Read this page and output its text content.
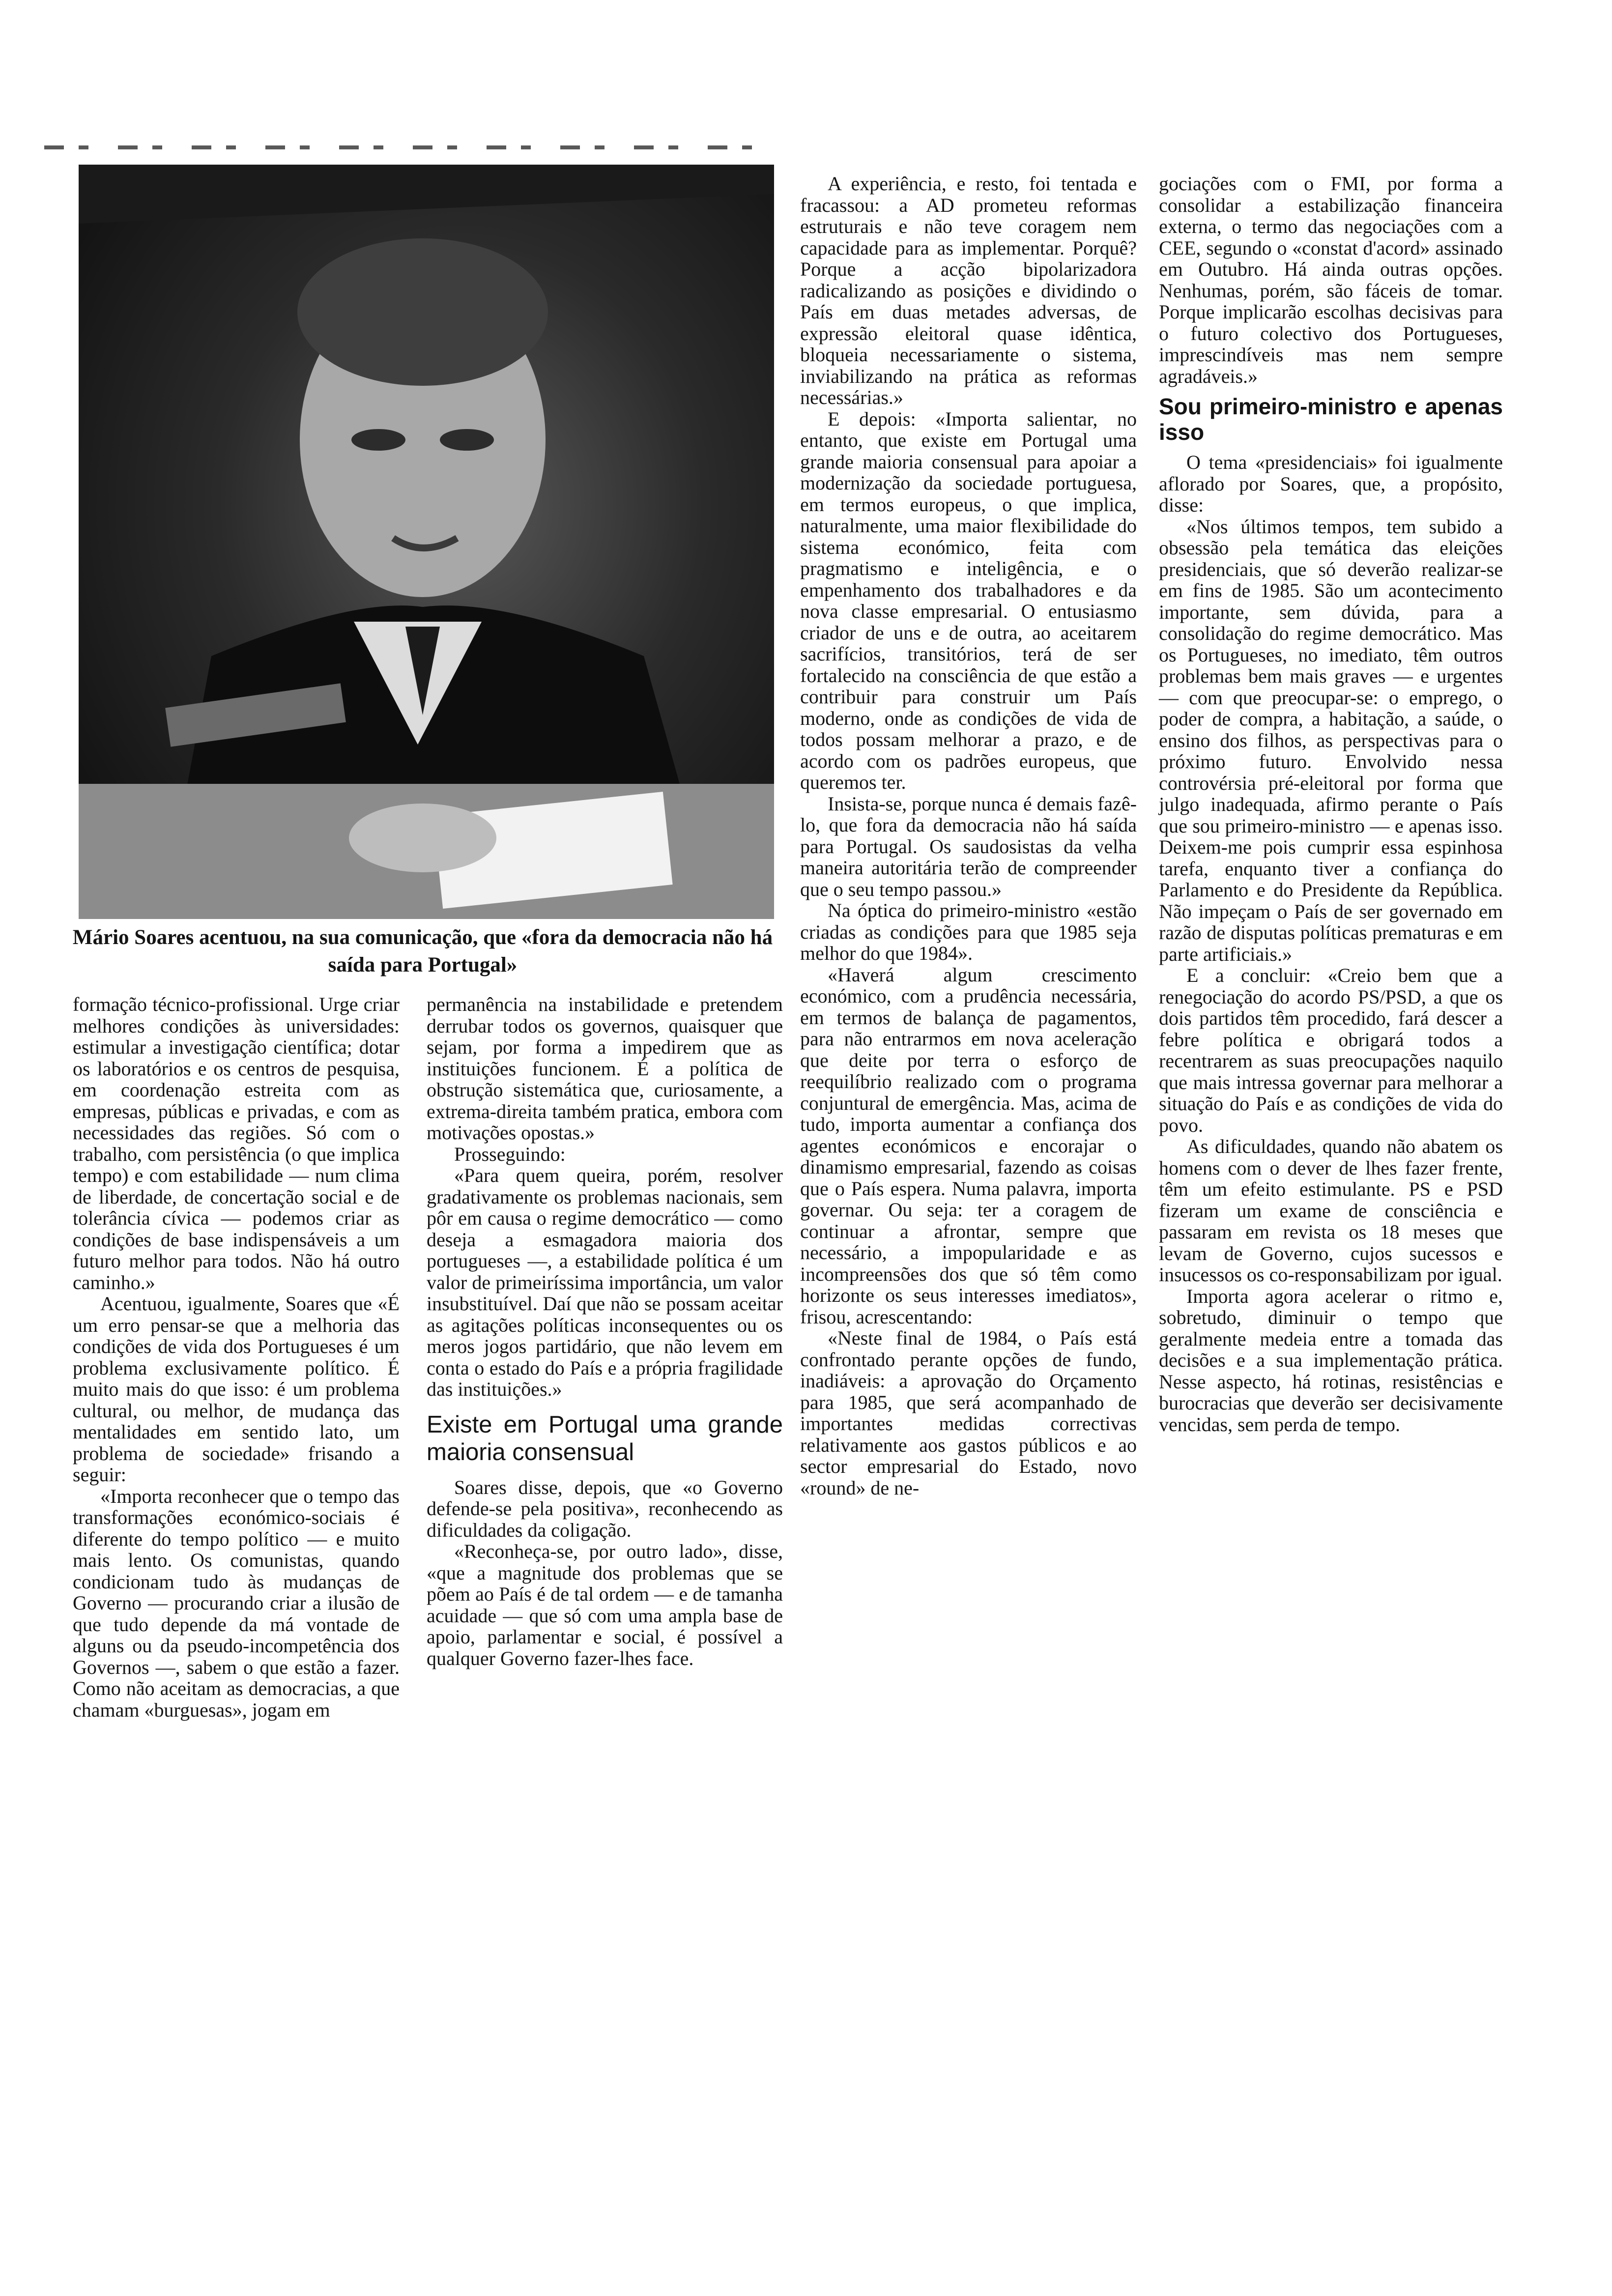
Mário Soares acentuou, na sua comunicação, que «fora da democracia não há saída para Portugal»

formação técnico-profissional. Urge criar melhores condições às universidades: estimular a investigação científica; dotar os laboratórios e os centros de pesquisa, em coordenação estreita com as empresas, públicas e privadas, e com as necessidades das regiões. Só com o trabalho, com persistência (o que implica tempo) e com estabilidade — num clima de liberdade, de concertação social e de tolerância cívica — podemos criar as condições de base indispensáveis a um futuro melhor para todos. Não há outro caminho.»

Acentuou, igualmente, Soares que «É um erro pensar-se que a melhoria das condições de vida dos Portugueses é um problema exclusivamente político. É muito mais do que isso: é um problema cultural, ou melhor, de mudança das mentalidades em sentido lato, um problema de sociedade» frisando a seguir:

«Importa reconhecer que o tempo das transformações económico-sociais é diferente do tempo político — e muito mais lento. Os comunistas, quando condicionam tudo às mudanças de Governo — procurando criar a ilusão de que tudo depende da má vontade de alguns ou da pseudo-incompetência dos Governos —, sabem o que estão a fazer. Como não aceitam as democracias, a que chamam «burguesas», jogam em

permanência na instabilidade e pretendem derrubar todos os governos, quaisquer que sejam, por forma a impedirem que as instituições funcionem. É a política de obstrução sistemática que, curiosamente, a extrema-direita também pratica, embora com motivações opostas.»

Prosseguindo:

«Para quem queira, porém, resolver gradativamente os problemas nacionais, sem pôr em causa o regime democrático — como deseja a esmagadora maioria dos portugueses —, a estabilidade política é um valor de primeiríssima importância, um valor insubstituível. Daí que não se possam aceitar as agitações políticas inconsequentes ou os meros jogos partidário, que não levem em conta o estado do País e a própria fragilidade das instituições.»

Existe em Portugal uma grande maioria consensual

Soares disse, depois, que «o Governo defende-se pela positiva», reconhecendo as dificuldades da coligação.

«Reconheça-se, por outro lado», disse, «que a magnitude dos problemas que se põem ao País é de tal ordem — e de tamanha acuidade — que só com uma ampla base de apoio, parlamentar e social, é possível a qualquer Governo fazer-lhes face.

A experiência, e resto, foi tentada e fracassou: a AD prometeu reformas estruturais e não teve coragem nem capacidade para as implementar. Porquê? Porque a acção bipolarizadora radicalizando as posições e dividindo o País em duas metades adversas, de expressão eleitoral quase idêntica, bloqueia necessariamente o sistema, inviabilizando na prática as reformas necessárias.»

E depois: «Importa salientar, no entanto, que existe em Portugal uma grande maioria consensual para apoiar a modernização da sociedade portuguesa, em termos europeus, o que implica, naturalmente, uma maior flexibilidade do sistema económico, feita com pragmatismo e inteligência, e o empenhamento dos trabalhadores e da nova classe empresarial. O entusiasmo criador de uns e de outra, ao aceitarem sacrifícios, transitórios, terá de ser fortalecido na consciência de que estão a contribuir para construir um País moderno, onde as condições de vida de todos possam melhorar a prazo, e de acordo com os padrões europeus, que queremos ter.

Insista-se, porque nunca é demais fazê-lo, que fora da democracia não há saída para Portugal. Os saudosistas da velha maneira autoritária terão de compreender que o seu tempo passou.»

Na óptica do primeiro-ministro «estão criadas as condições para que 1985 seja melhor do que 1984».

«Haverá algum crescimento económico, com a prudência necessária, em termos de balança de pagamentos, para não entrarmos em nova aceleração que deite por terra o esforço de reequilíbrio realizado com o programa conjuntural de emergência. Mas, acima de tudo, importa aumentar a confiança dos agentes económicos e encorajar o dinamismo empresarial, fazendo as coisas que o País espera. Numa palavra, importa governar. Ou seja: ter a coragem de continuar a afrontar, sempre que necessário, a impopularidade e as incompreensões dos que só têm como horizonte os seus interesses imediatos», frisou, acrescentando:

«Neste final de 1984, o País está confrontado perante opções de fundo, inadiáveis: a aprovação do Orçamento para 1985, que será acompanhado de importantes medidas correctivas relativamente aos gastos públicos e ao sector empresarial do Estado, novo «round» de ne-

gociações com o FMI, por forma a consolidar a estabilização financeira externa, o termo das negociações com a CEE, segundo o «constat d'acord» assinado em Outubro. Há ainda outras opções. Nenhumas, porém, são fáceis de tomar. Porque implicarão escolhas decisivas para o futuro colectivo dos Portugueses, imprescindíveis mas nem sempre agradáveis.»

Sou primeiro-ministro e apenas isso

O tema «presidenciais» foi igualmente aflorado por Soares, que, a propósito, disse:

«Nos últimos tempos, tem subido a obsessão pela temática das eleições presidenciais, que só deverão realizar-se em fins de 1985. São um acontecimento importante, sem dúvida, para a consolidação do regime democrático. Mas os Portugueses, no imediato, têm outros problemas bem mais graves — e urgentes — com que preocupar-se: o emprego, o poder de compra, a habitação, a saúde, o ensino dos filhos, as perspectivas para o próximo futuro. Envolvido nessa controvérsia pré-eleitoral por forma que julgo inadequada, afirmo perante o País que sou primeiro-ministro — e apenas isso. Deixem-me pois cumprir essa espinhosa tarefa, enquanto tiver a confiança do Parlamento e do Presidente da República. Não impeçam o País de ser governado em razão de disputas políticas prematuras e em parte artificiais.»

E a concluir: «Creio bem que a renegociação do acordo PS/PSD, a que os dois partidos têm procedido, fará descer a febre política e obrigará todos a recentrarem as suas preocupações naquilo que mais intressa governar para melhorar a situação do País e as condições de vida do povo.

As dificuldades, quando não abatem os homens com o dever de lhes fazer frente, têm um efeito estimulante. PS e PSD fizeram um exame de consciência e passaram em revista os 18 meses que levam de Governo, cujos sucessos e insucessos os co-responsabilizam por igual.

Importa agora acelerar o ritmo e, sobretudo, diminuir o tempo que geralmente medeia entre a tomada das decisões e a sua implementação prática. Nesse aspecto, há rotinas, resistências e burocracias que deverão ser decisivamente vencidas, sem perda de tempo.
